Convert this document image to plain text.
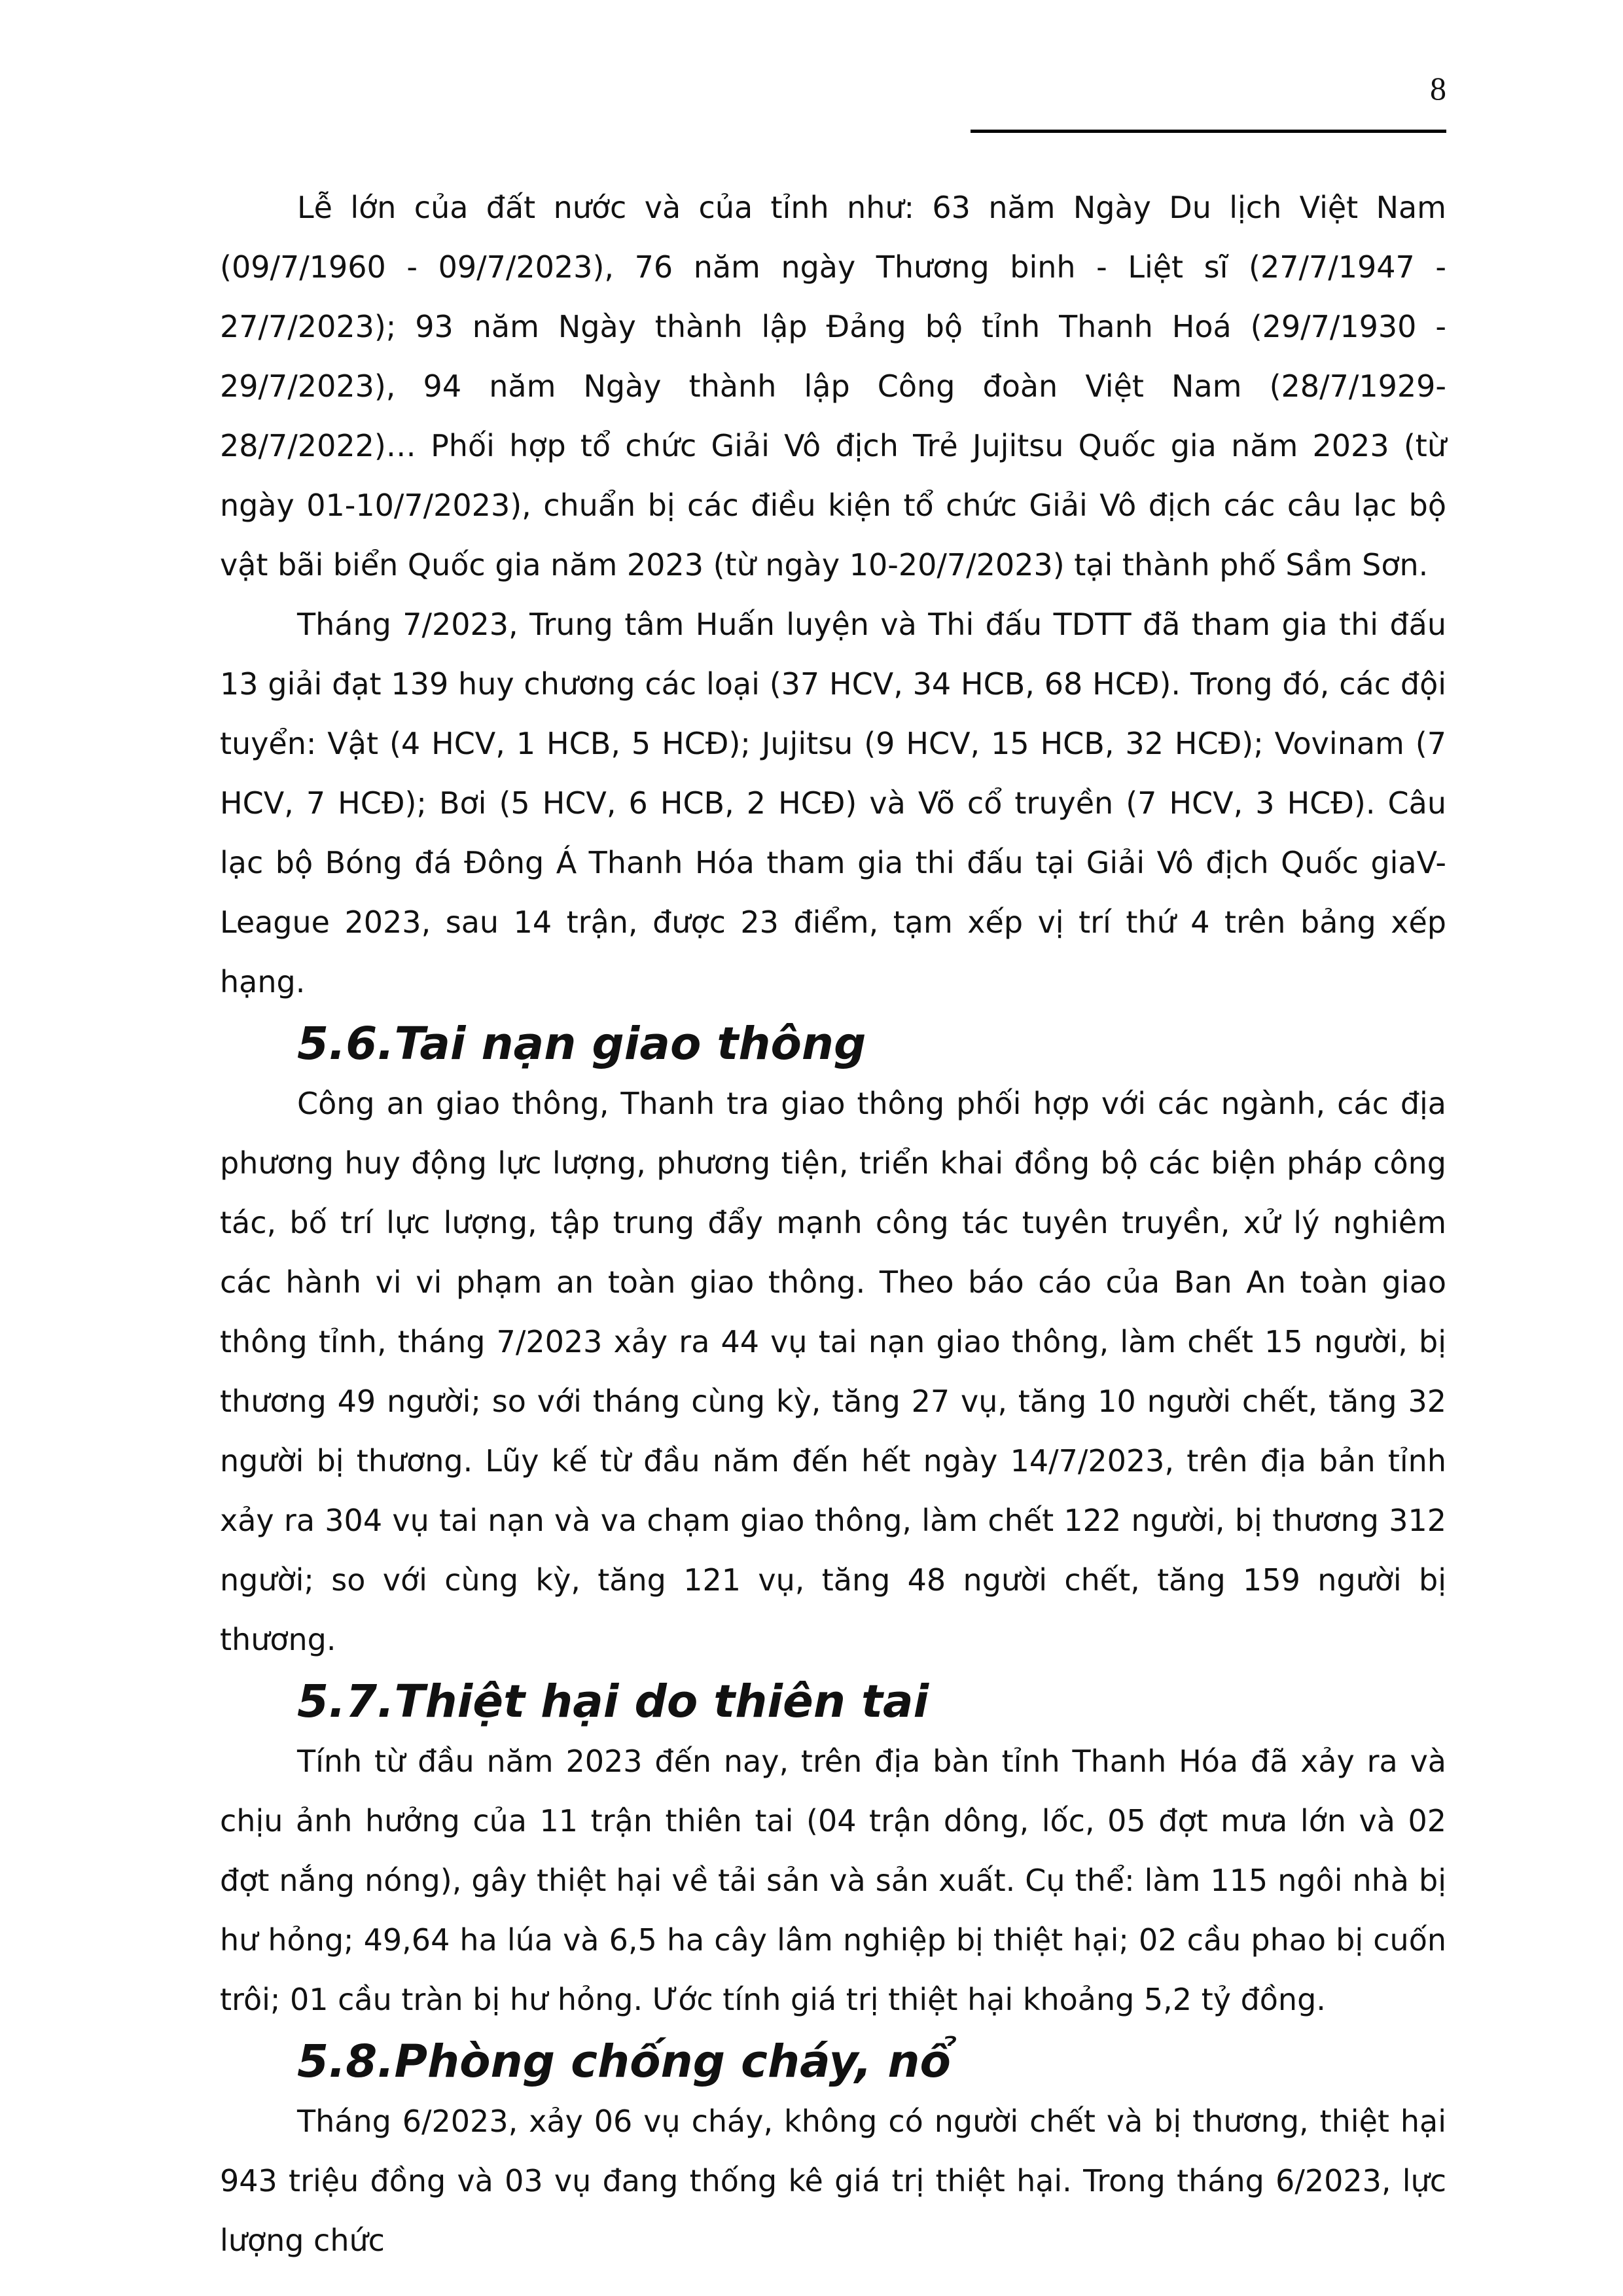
8

Lễ lớn của đất nước và của tỉnh như: 63 năm Ngày Du lịch Việt Nam (09/7/1960 - 09/7/2023), 76 năm ngày Thương binh - Liệt sĩ (27/7/1947 - 27/7/2023); 93 năm Ngày thành lập Đảng bộ tỉnh Thanh Hoá (29/7/1930 - 29/7/2023), 94 năm Ngày thành lập Công đoàn Việt Nam (28/7/1929-28/7/2022)… Phối hợp tổ chức Giải Vô địch Trẻ Jujitsu Quốc gia năm 2023 (từ ngày 01-10/7/2023), chuẩn bị các điều kiện tổ chức Giải Vô địch các câu lạc bộ vật bãi biển Quốc gia năm 2023 (từ ngày 10-20/7/2023) tại thành phố Sầm Sơn.

Tháng 7/2023, Trung tâm Huấn luyện và Thi đấu TDTT đã tham gia thi đấu 13 giải đạt 139 huy chương các loại (37 HCV, 34 HCB, 68 HCĐ). Trong đó, các đội tuyển: Vật (4 HCV, 1 HCB, 5 HCĐ); Jujitsu (9 HCV, 15 HCB, 32 HCĐ); Vovinam (7 HCV, 7 HCĐ); Bơi (5 HCV, 6 HCB, 2 HCĐ) và Võ cổ truyền (7 HCV, 3 HCĐ). Câu lạc bộ Bóng đá Đông Á Thanh Hóa tham gia thi đấu tại Giải Vô địch Quốc giaV-League 2023, sau 14 trận, được 23 điểm, tạm xếp vị trí thứ 4 trên bảng xếp hạng.

5.6.Tai nạn giao thông

Công an giao thông, Thanh tra giao thông phối hợp với các ngành, các địa phương huy động lực lượng, phương tiện, triển khai đồng bộ các biện pháp công tác, bố trí lực lượng, tập trung đẩy mạnh công tác tuyên truyền, xử lý nghiêm các hành vi vi phạm an toàn giao thông. Theo báo cáo của Ban An toàn giao thông tỉnh, tháng 7/2023 xảy ra 44 vụ tai nạn giao thông, làm chết 15 người, bị thương 49 người; so với tháng cùng kỳ, tăng 27 vụ, tăng 10 người chết, tăng 32 người bị thương. Lũy kế từ đầu năm đến hết ngày 14/7/2023, trên địa bản tỉnh xảy ra 304 vụ tai nạn và va chạm giao thông, làm chết 122 người, bị thương 312 người; so với cùng kỳ, tăng 121 vụ, tăng 48 người chết, tăng 159 người bị thương.

5.7.Thiệt hại do thiên tai

Tính từ đầu năm 2023 đến nay, trên địa bàn tỉnh Thanh Hóa đã xảy ra và chịu ảnh hưởng của 11 trận thiên tai (04 trận dông, lốc, 05 đợt mưa lớn và 02 đợt nắng nóng), gây thiệt hại về tải sản và sản xuất. Cụ thể: làm 115 ngôi nhà bị hư hỏng; 49,64 ha lúa và 6,5 ha cây lâm nghiệp bị thiệt hại; 02 cầu phao bị cuốn trôi; 01 cầu tràn bị hư hỏng. Ước tính giá trị thiệt hại khoảng 5,2 tỷ đồng.

5.8.Phòng chống cháy, nổ

Tháng 6/2023, xảy 06 vụ cháy, không có người chết và bị thương, thiệt hại 943 triệu đồng và 03 vụ đang thống kê giá trị thiệt hại. Trong tháng 6/2023, lực lượng chức
